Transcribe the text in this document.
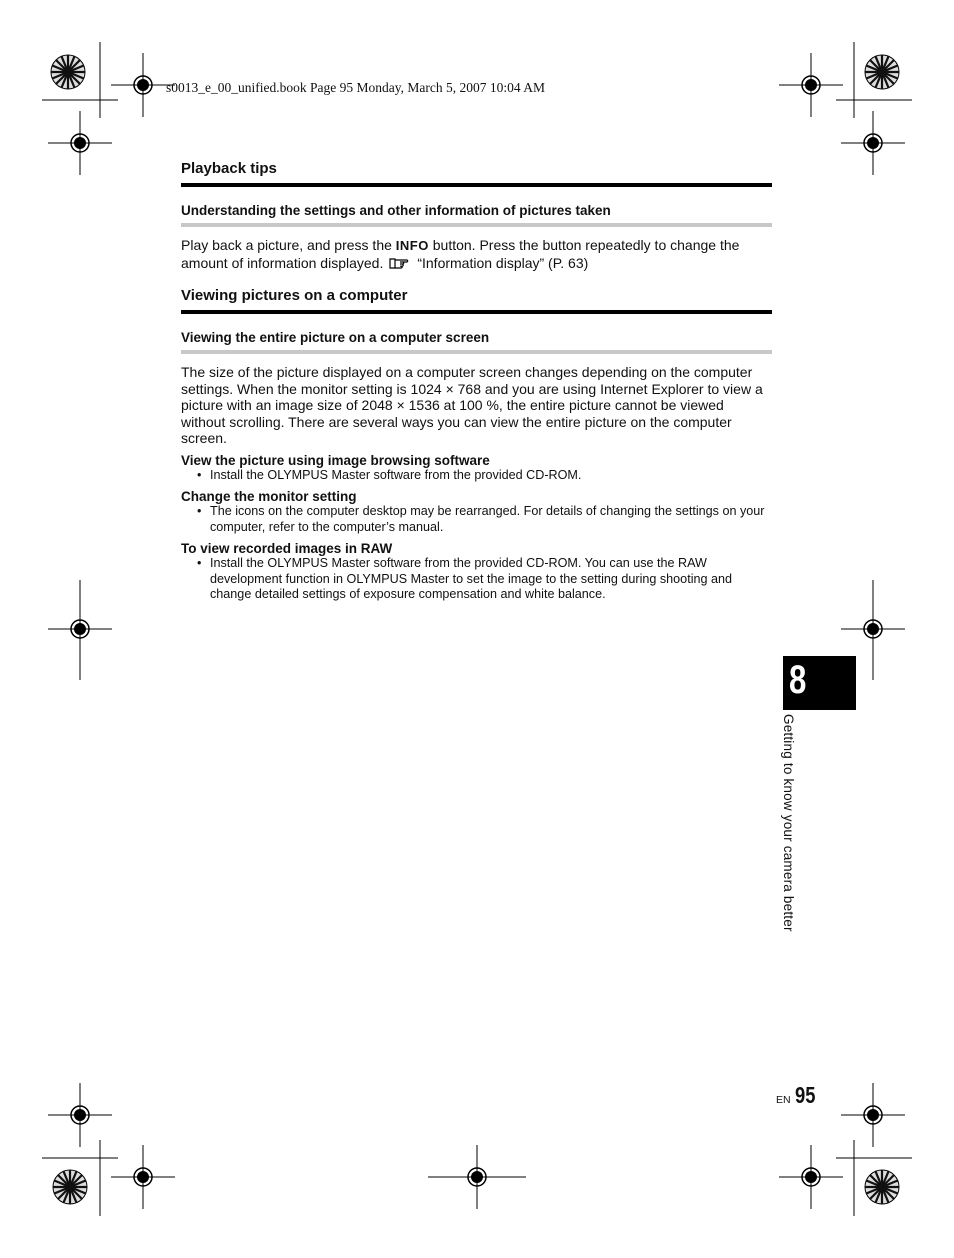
s0013_e_00_unified.book Page 95 Monday, March 5, 2007 10:04 AM
Playback tips
Understanding the settings and other information of pictures taken

Play back a picture, and press the INFO button. Press the button repeatedly to change the amount of information displayed. “Information display” (P. 63)

Viewing pictures on a computer
Viewing the entire picture on a computer screen

The size of the picture displayed on a computer screen changes depending on the computer settings. When the monitor setting is 1024 × 768 and you are using Internet Explorer to view a picture with an image size of 2048 × 1536 at 100 %, the entire picture cannot be viewed without scrolling. There are several ways you can view the entire picture on the computer screen.

View the picture using image browsing software
• Install the OLYMPUS Master software from the provided CD-ROM.
Change the monitor setting
• The icons on the computer desktop may be rearranged. For details of changing the settings on your computer, refer to the computer’s manual.
To view recorded images in RAW
• Install the OLYMPUS Master software from the provided CD-ROM. You can use the RAW development function in OLYMPUS Master to set the image to the setting during shooting and change detailed settings of exposure compensation and white balance.
8
Getting to know your camera better
EN 95
